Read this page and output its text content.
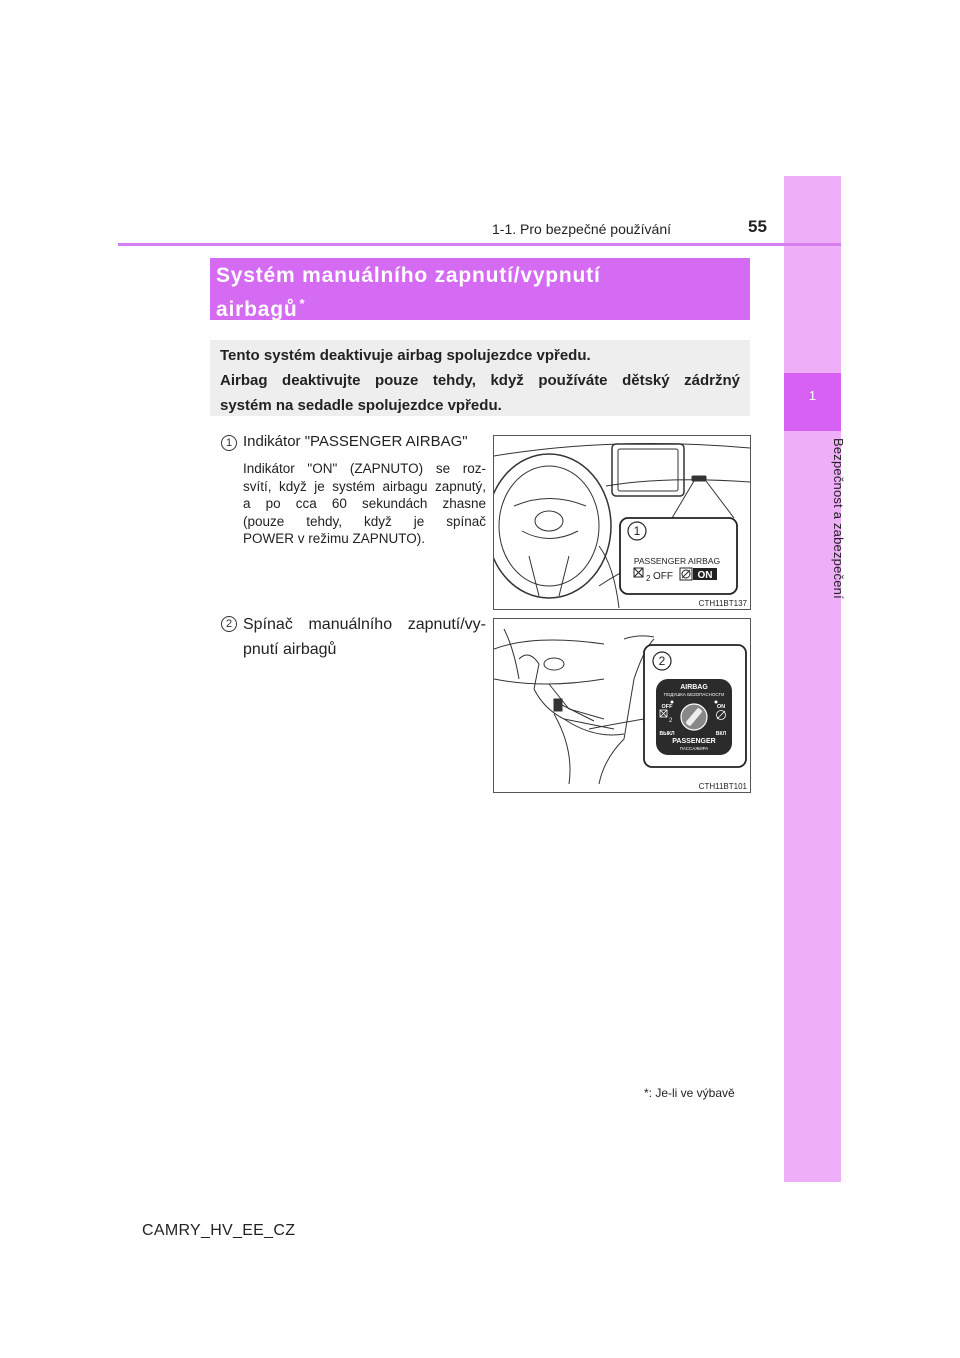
1
Bezpečnost a zabezpečení
1-1. Pro bezpečné používání	55
Systém manuálního zapnutí/vypnutí
airbagů *
Tento systém deaktivuje airbag spolujezdce vpředu.
Airbag deaktivujte pouze tehdy, když používáte dětský zádržný
systém na sedadle spolujezdce vpředu.
1 Indikátor "PASSENGER AIRBAG"
Indikátor "ON" (ZAPNUTO) se roz-
svítí, když je systém airbagu zapnutý,
a po cca 60 sekundách zhasne
(pouze tehdy, když je spínač
POWER v režimu ZAPNUTO).
2 Spínač manuálního zapnutí/vy-
pnutí airbagů
1
PASSENGER AIRBAG
2 OFF ON
CTH11BT137
2
AIRBAG
ПОДУШКА БЕЗОПАСНОСТИ
OFF	ON
2
ВЫКЛ	ВКЛ
PASSENGER
ПАССАЖИРА
CTH11BT101
*: Je-li ve výbavě
CAMRY_HV_EE_CZ
